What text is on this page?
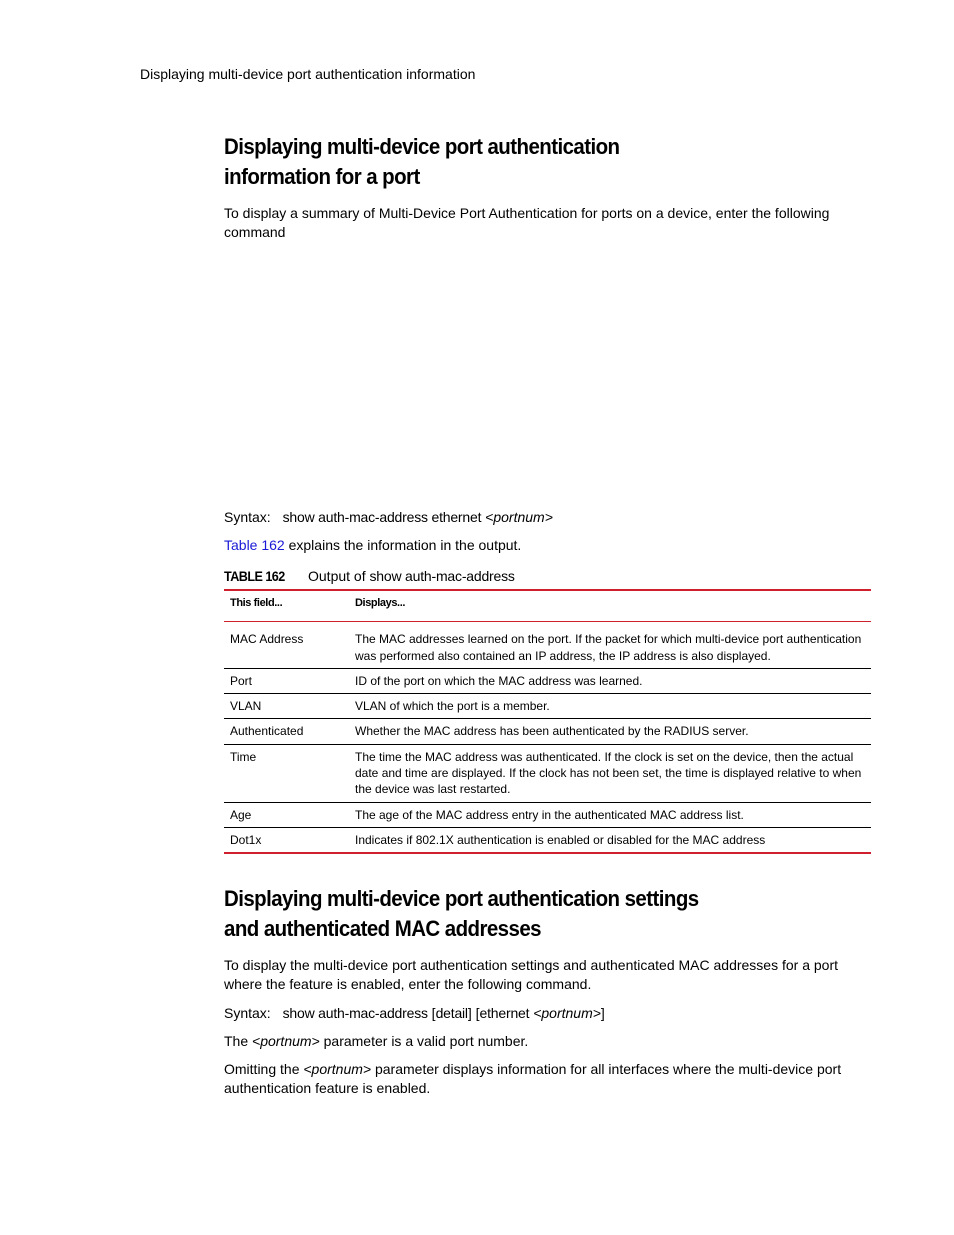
Displaying multi-device port authentication information
Displaying multi-device port authentication
information for a port
To display a summary of Multi-Device Port Authentication for ports on a device, enter the following command
Syntax: show auth-mac-address ethernet <portnum>
Table 162 explains the information in the output.
TABLE 162 Output of show auth-mac-address
This field...	Displays...
MAC Address	The MAC addresses learned on the port. If the packet for which multi-device port authentication was performed also contained an IP address, the IP address is also displayed.
Port	ID of the port on which the MAC address was learned.
VLAN	VLAN of which the port is a member.
Authenticated	Whether the MAC address has been authenticated by the RADIUS server.
Time	The time the MAC address was authenticated. If the clock is set on the device, then the actual date and time are displayed. If the clock has not been set, the time is displayed relative to when the device was last restarted.
Age	The age of the MAC address entry in the authenticated MAC address list.
Dot1x	Indicates if 802.1X authentication is enabled or disabled for the MAC address
Displaying multi-device port authentication settings
and authenticated MAC addresses
To display the multi-device port authentication settings and authenticated MAC addresses for a port where the feature is enabled, enter the following command.
Syntax: show auth-mac-address [detail] [ethernet <portnum>]
The <portnum> parameter is a valid port number.
Omitting the <portnum> parameter displays information for all interfaces where the multi-device port authentication feature is enabled.
